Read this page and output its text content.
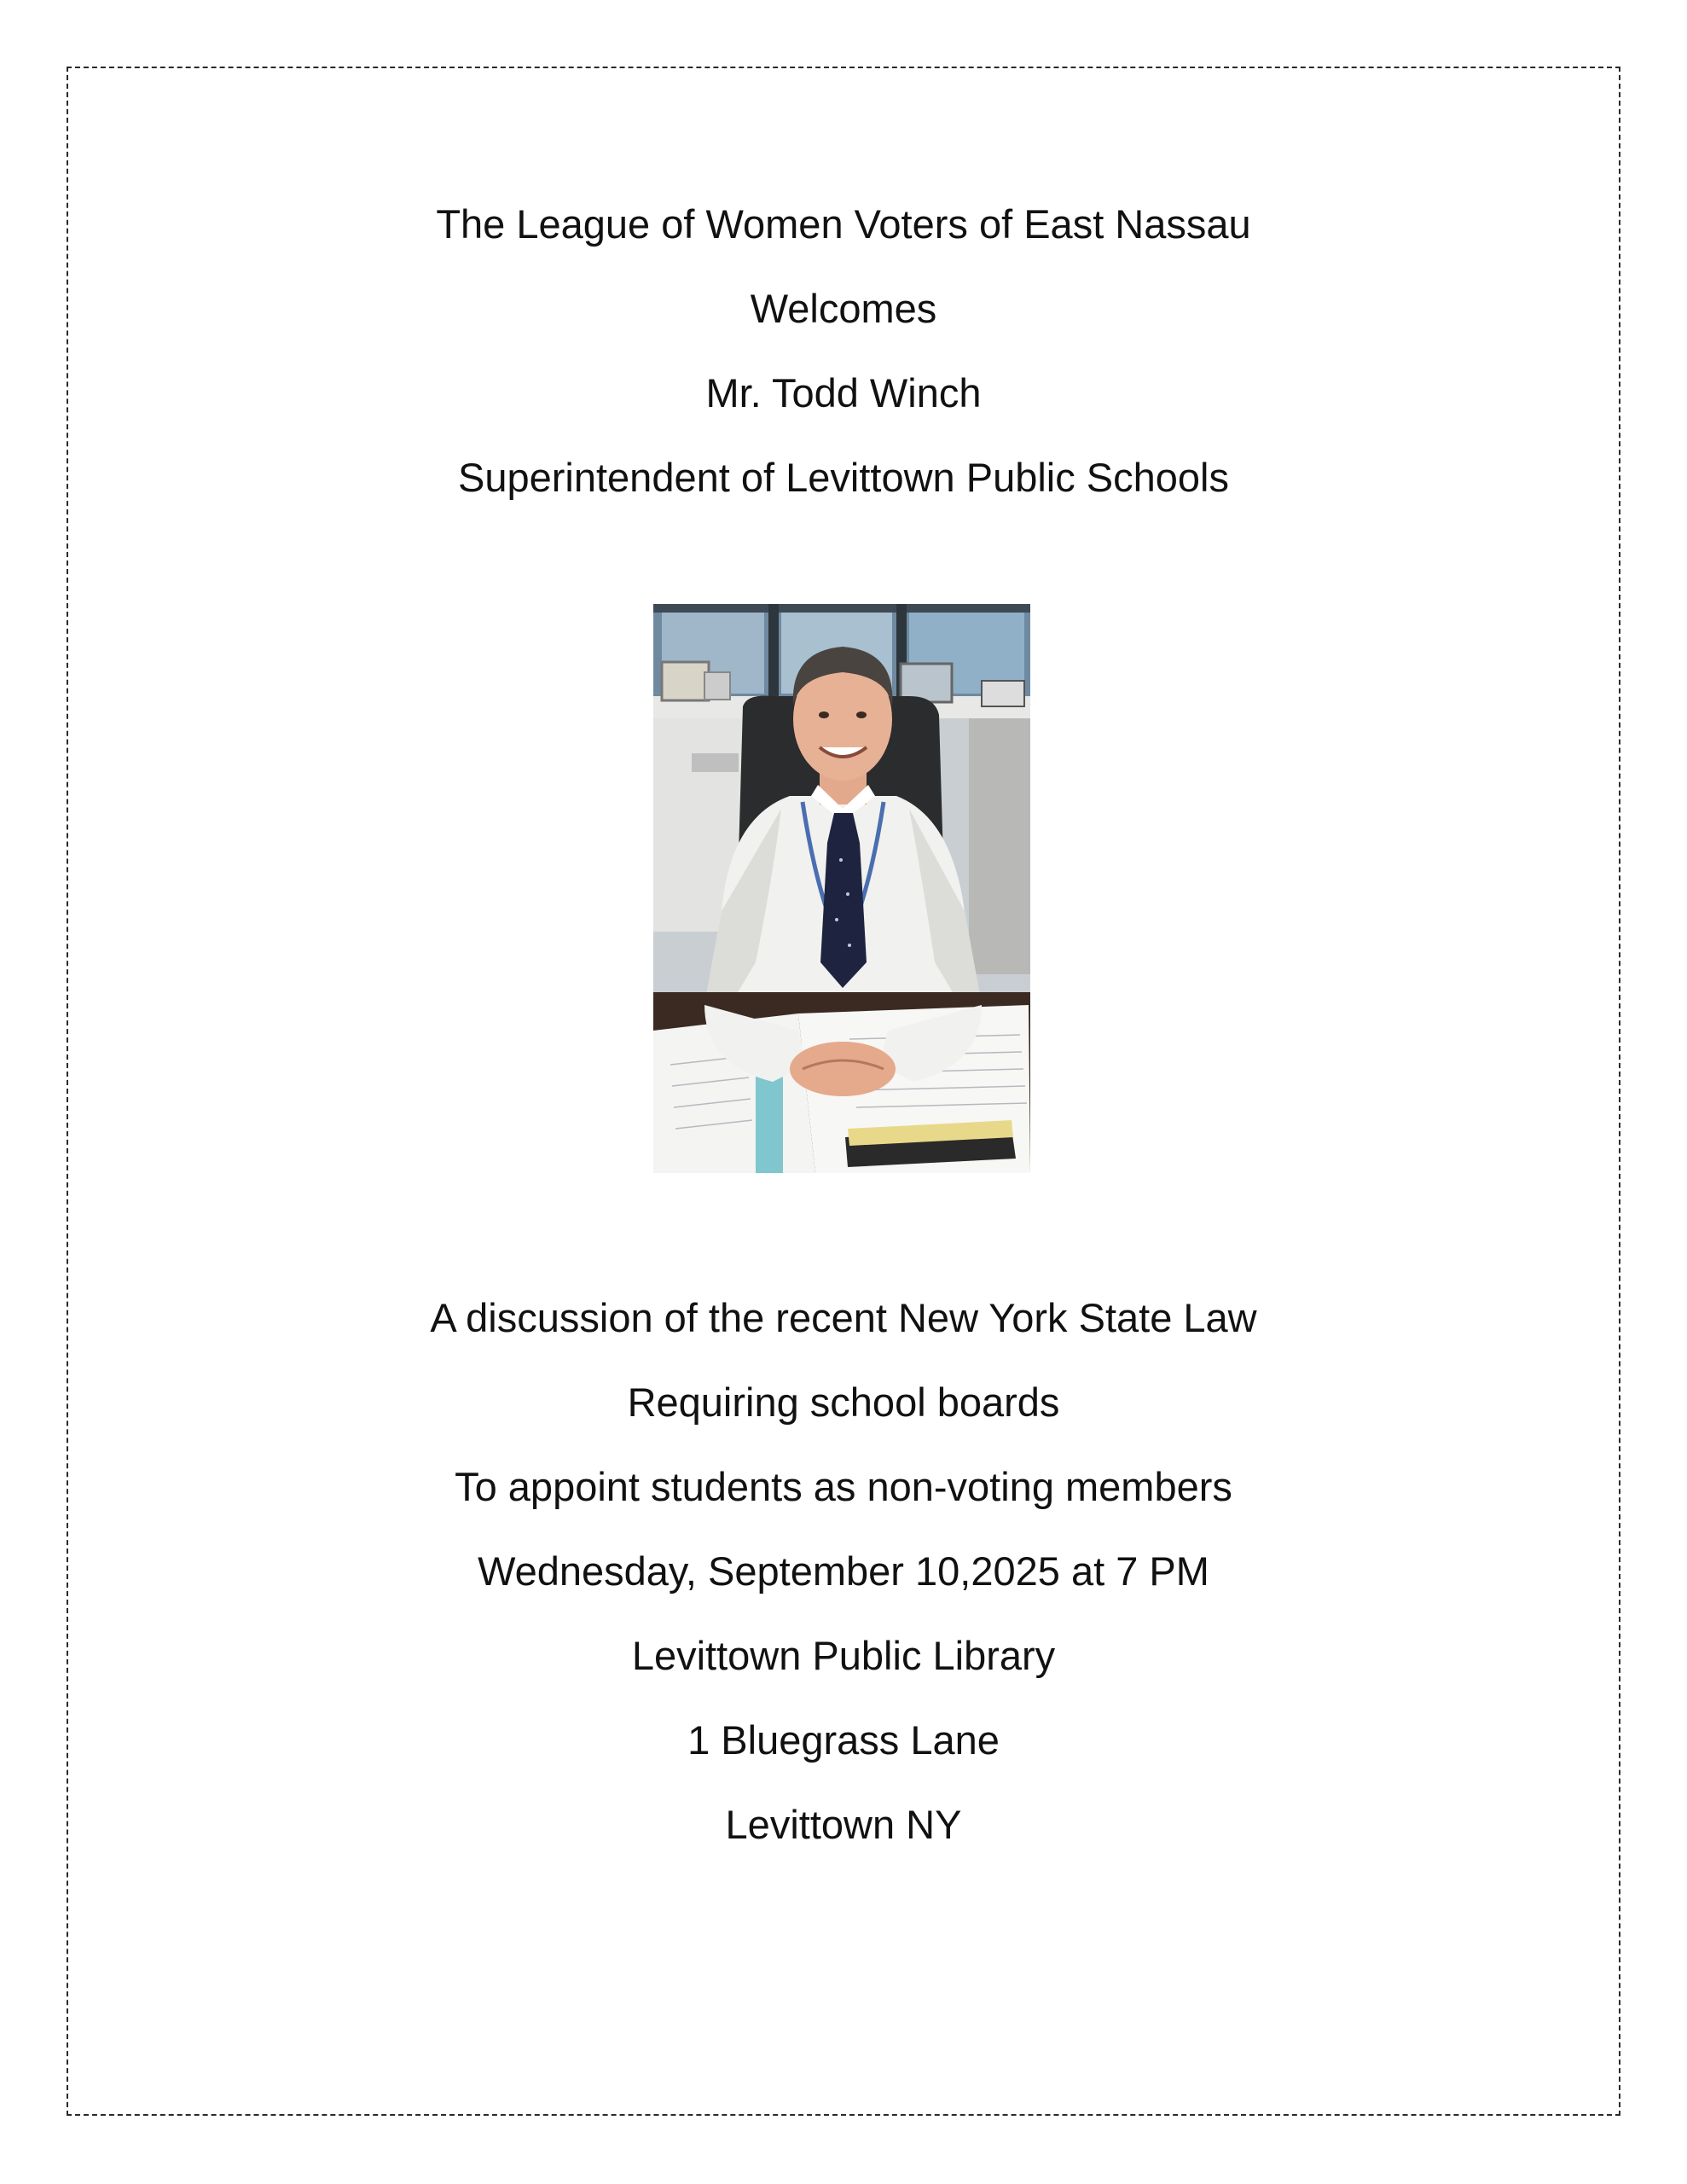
The League of Women Voters of East Nassau
Welcomes
Mr. Todd Winch
Superintendent of Levittown Public Schools
A discussion of the recent New York State Law
Requiring school boards
To appoint students as non-voting members
Wednesday, September 10,2025 at 7 PM
Levittown Public Library
1 Bluegrass Lane
Levittown NY
